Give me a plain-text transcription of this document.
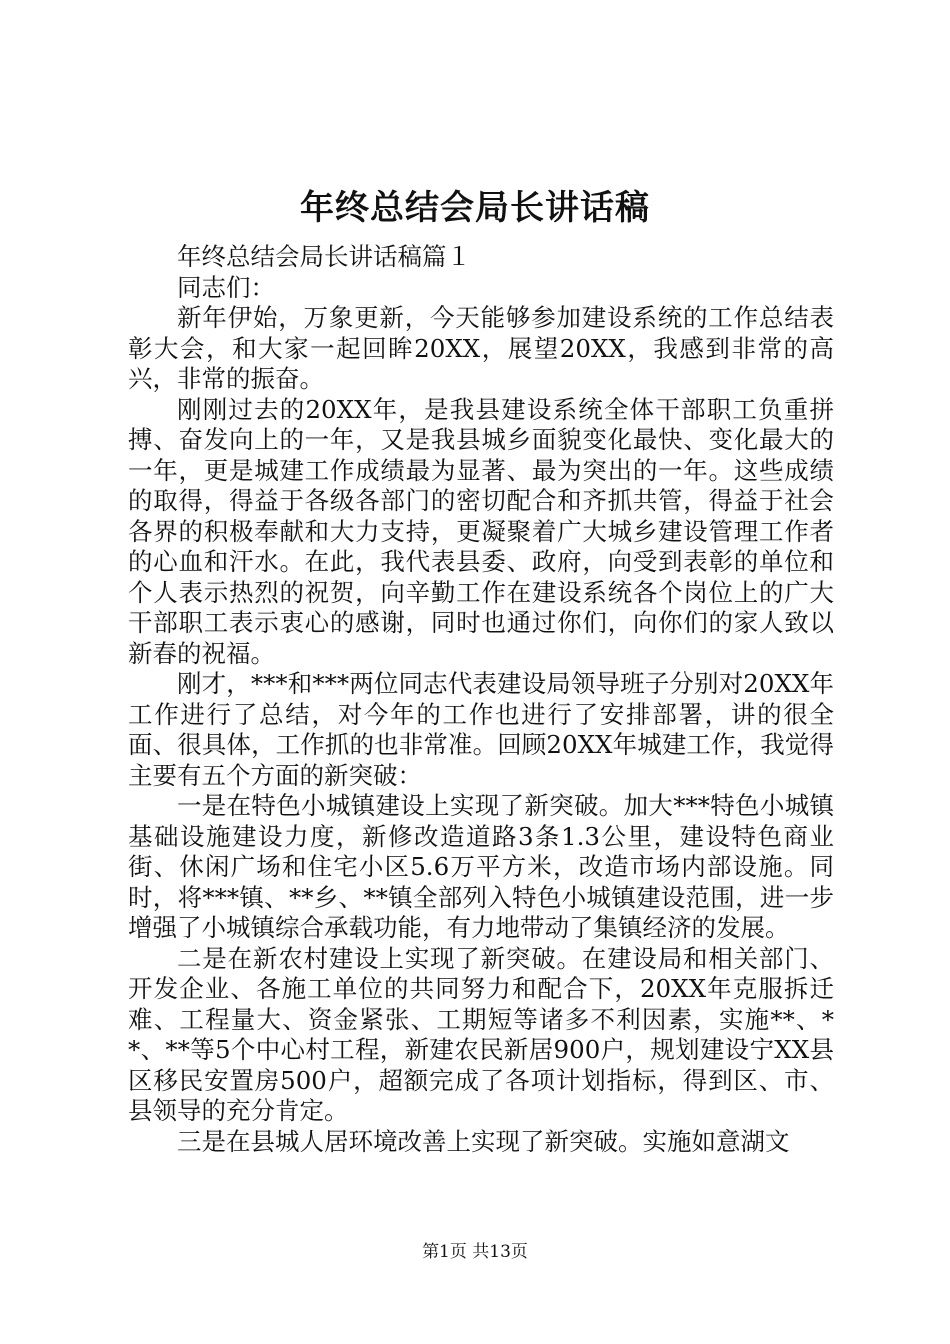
年终总结会局长讲话稿

年终总结会局长讲话稿篇１

同志们：

新年伊始，万象更新，今天能够参加建设系统的工作总结表彰大会，和大家一起回眸20XX，展望20XX，我感到非常的高兴，非常的振奋。

刚刚过去的20XX年，是我县建设系统全体干部职工负重拼搏、奋发向上的一年，又是我县城乡面貌变化最快、变化最大的一年，更是城建工作成绩最为显著、最为突出的一年。这些成绩的取得，得益于各级各部门的密切配合和齐抓共管，得益于社会各界的积极奉献和大力支持，更凝聚着广大城乡建设管理工作者的心血和汗水。在此，我代表县委、政府，向受到表彰的单位和个人表示热烈的祝贺，向辛勤工作在建设系统各个岗位上的广大干部职工表示衷心的感谢，同时也通过你们，向你们的家人致以新春的祝福。

刚才，***和***两位同志代表建设局领导班子分别对20XX年工作进行了总结，对今年的工作也进行了安排部署，讲的很全面、很具体，工作抓的也非常准。回顾20XX年城建工作，我觉得主要有五个方面的新突破：

一是在特色小城镇建设上实现了新突破。加大***特色小城镇基础设施建设力度，新修改造道路3条1.3公里，建设特色商业街、休闲广场和住宅小区5.6万平方米，改造市场内部设施。同时，将***镇、**乡、**镇全部列入特色小城镇建设范围，进一步增强了小城镇综合承载功能，有力地带动了集镇经济的发展。

二是在新农村建设上实现了新突破。在建设局和相关部门、开发企业、各施工单位的共同努力和配合下，20XX年克服拆迁难、工程量大、资金紧张、工期短等诸多不利因素，实施**、**、**等5个中心村工程，新建农民新居900户，规划建设宁XX县区移民安置房500户，超额完成了各项计划指标，得到区、市、县领导的充分肯定。

三是在县城人居环境改善上实现了新突破。实施如意湖文

第1页 共13页
